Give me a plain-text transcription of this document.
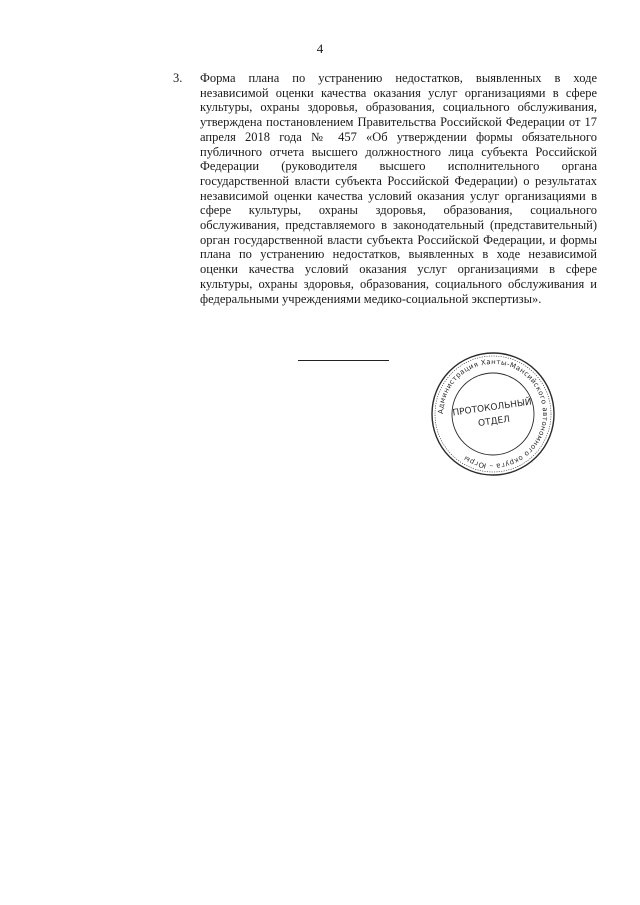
4
3. Форма плана по устранению недостатков, выявленных в ходе независимой оценки качества оказания услуг организациями в сфере культуры, охраны здоровья, образования, социального обслуживания, утверждена постановлением Правительства Российской Федерации от 17 апреля 2018 года № 457 «Об утверждении формы обязательного публичного отчета высшего должностного лица субъекта Российской Федерации (руководителя высшего исполнительного органа государственной власти субъекта Российской Федерации) о результатах независимой оценки качества условий оказания услуг организациями в сфере культуры, охраны здоровья, образования, социального обслуживания, представляемого в законодательный (представительный) орган государственной власти субъекта Российской Федерации, и формы плана по устранению недостатков, выявленных в ходе независимой оценки качества условий оказания услуг организациями в сфере культуры, охраны здоровья, образования, социального обслуживания и федеральными учреждениями медико-социальной экспертизы».
Администрация Ханты-Мансийского автономного округа – Югры
ПРОТОКОЛЬНЫЙ
ОТДЕЛ
